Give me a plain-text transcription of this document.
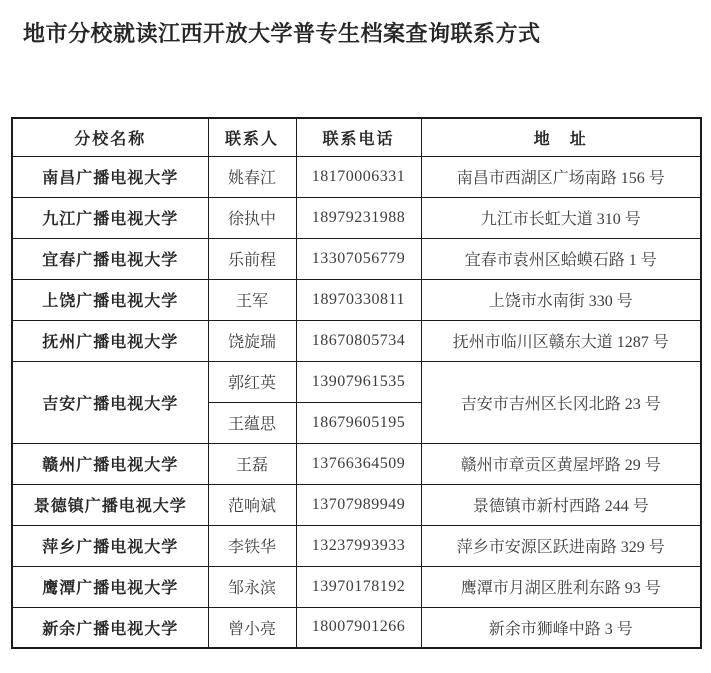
地市分校就读江西开放大学普专生档案查询联系方式
分校名称	联系人	联系电话	地　址
南昌广播电视大学	姚春江	18170006331	南昌市西湖区广场南路 156 号
九江广播电视大学	徐执中	18979231988	九江市长虹大道 310 号
宜春广播电视大学	乐前程	13307056779	宜春市袁州区蛤蟆石路 1 号
上饶广播电视大学	王军	18970330811	上饶市水南街 330 号
抚州广播电视大学	饶旋瑞	18670805734	抚州市临川区赣东大道 1287 号
吉安广播电视大学	郭红英	13907961535	吉安市吉州区长冈北路 23 号
	王蕴思	18679605195	
赣州广播电视大学	王磊	13766364509	赣州市章贡区黄屋坪路 29 号
景德镇广播电视大学	范响斌	13707989949	景德镇市新村西路 244 号
萍乡广播电视大学	李铁华	13237993933	萍乡市安源区跃进南路 329 号
鹰潭广播电视大学	邹永滨	13970178192	鹰潭市月湖区胜利东路 93 号
新余广播电视大学	曾小亮	18007901266	新余市狮峰中路 3 号
